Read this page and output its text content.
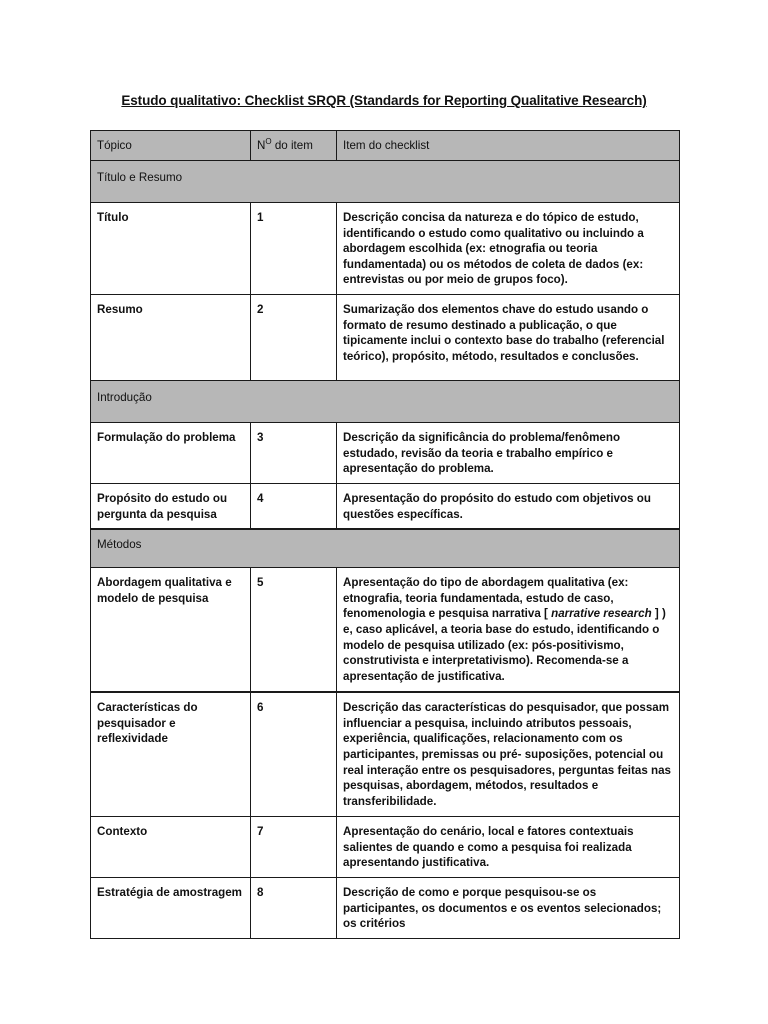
Estudo qualitativo: Checklist SRQR (Standards for Reporting Qualitative Research)
Tópico	$N^O$ do item	Item do checklist
Título e Resumo		
Título	1	Descrição concisa da natureza e do tópico de estudo, identificando o estudo como qualitativo ou incluindo a abordagem escolhida (ex: etnografia ou teoria fundamentada) ou os métodos de coleta de dados (ex: entrevistas ou por meio de grupos foco).
Resumo	2	Sumarização dos elementos chave do estudo usando o formato de resumo destinado a publicação, o que tipicamente inclui o contexto base do trabalho (referencial teórico), propósito, método, resultados e conclusões.
Introdução		
Formulação do problema	3	Descrição da significância do problema/fenômeno estudado, revisão da teoria e trabalho empírico e apresentação do problema.
Propósito do estudo ou pergunta da pesquisa	4	Apresentação do propósito do estudo com objetivos ou questões específicas.
Métodos		
Abordagem qualitativa e modelo de pesquisa	5	Apresentação do tipo de abordagem qualitativa (ex: etnografia, teoria fundamentada, estudo de caso, fenomenologia e pesquisa narrativa [ narrative research ] ) e, caso aplicável, a teoria base do estudo, identificando o modelo de pesquisa utilizado (ex: pós-positivismo, construtivista e interpretativismo). Recomenda-se a apresentação de justificativa.
Características do pesquisador e reflexividade	6	Descrição das características do pesquisador, que possam influenciar a pesquisa, incluindo atributos pessoais, experiência, qualificações, relacionamento com os participantes, premissas ou pré- suposições, potencial ou real interação entre os pesquisadores, perguntas feitas nas pesquisas, abordagem, métodos, resultados e transferibilidade.
Contexto	7	Apresentação do cenário, local e fatores contextuais salientes de quando e como a pesquisa foi realizada apresentando justificativa.
Estratégia de amostragem	8	Descrição de como e porque pesquisou-se os participantes, os documentos e os eventos selecionados; os critérios
